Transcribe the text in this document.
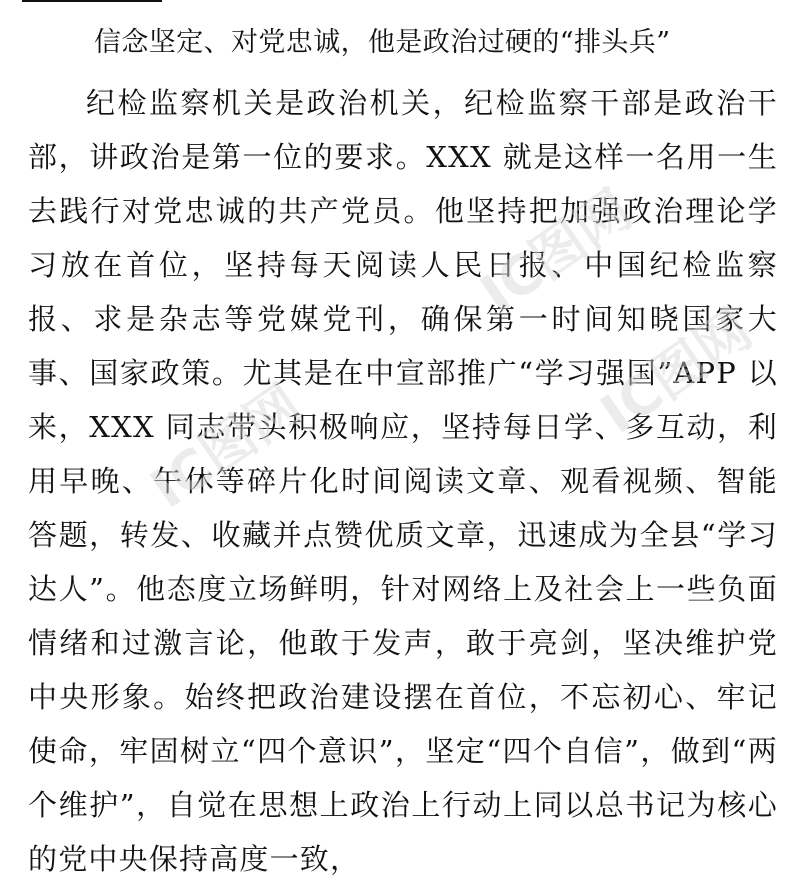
信念坚定、对党忠诚，他是政治过硬的“排头兵”

纪检监察机关是政治机关，纪检监察干部是政治干部，讲政治是第一位的要求。XXX 就是这样一名用一生去践行对党忠诚的共产党员。他坚持把加强政治理论学习放在首位，坚持每天阅读人民日报、中国纪检监察报、求是杂志等党媒党刊，确保第一时间知晓国家大事、国家政策。尤其是在中宣部推广“学习强国”APP 以来，XXX 同志带头积极响应，坚持每日学、多互动，利用早晚、午休等碎片化时间阅读文章、观看视频、智能答题，转发、收藏并点赞优质文章，迅速成为全县“学习达人”。他态度立场鲜明，针对网络上及社会上一些负面情绪和过激言论，他敢于发声，敢于亮剑，坚决维护党中央形象。始终把政治建设摆在首位，不忘初心、牢记使命，牢固树立“四个意识”，坚定“四个自信”，做到“两个维护”，自觉在思想上政治上行动上同以总书记为核心的党中央保持高度一致，

IC图网
IC图网
IC图网
